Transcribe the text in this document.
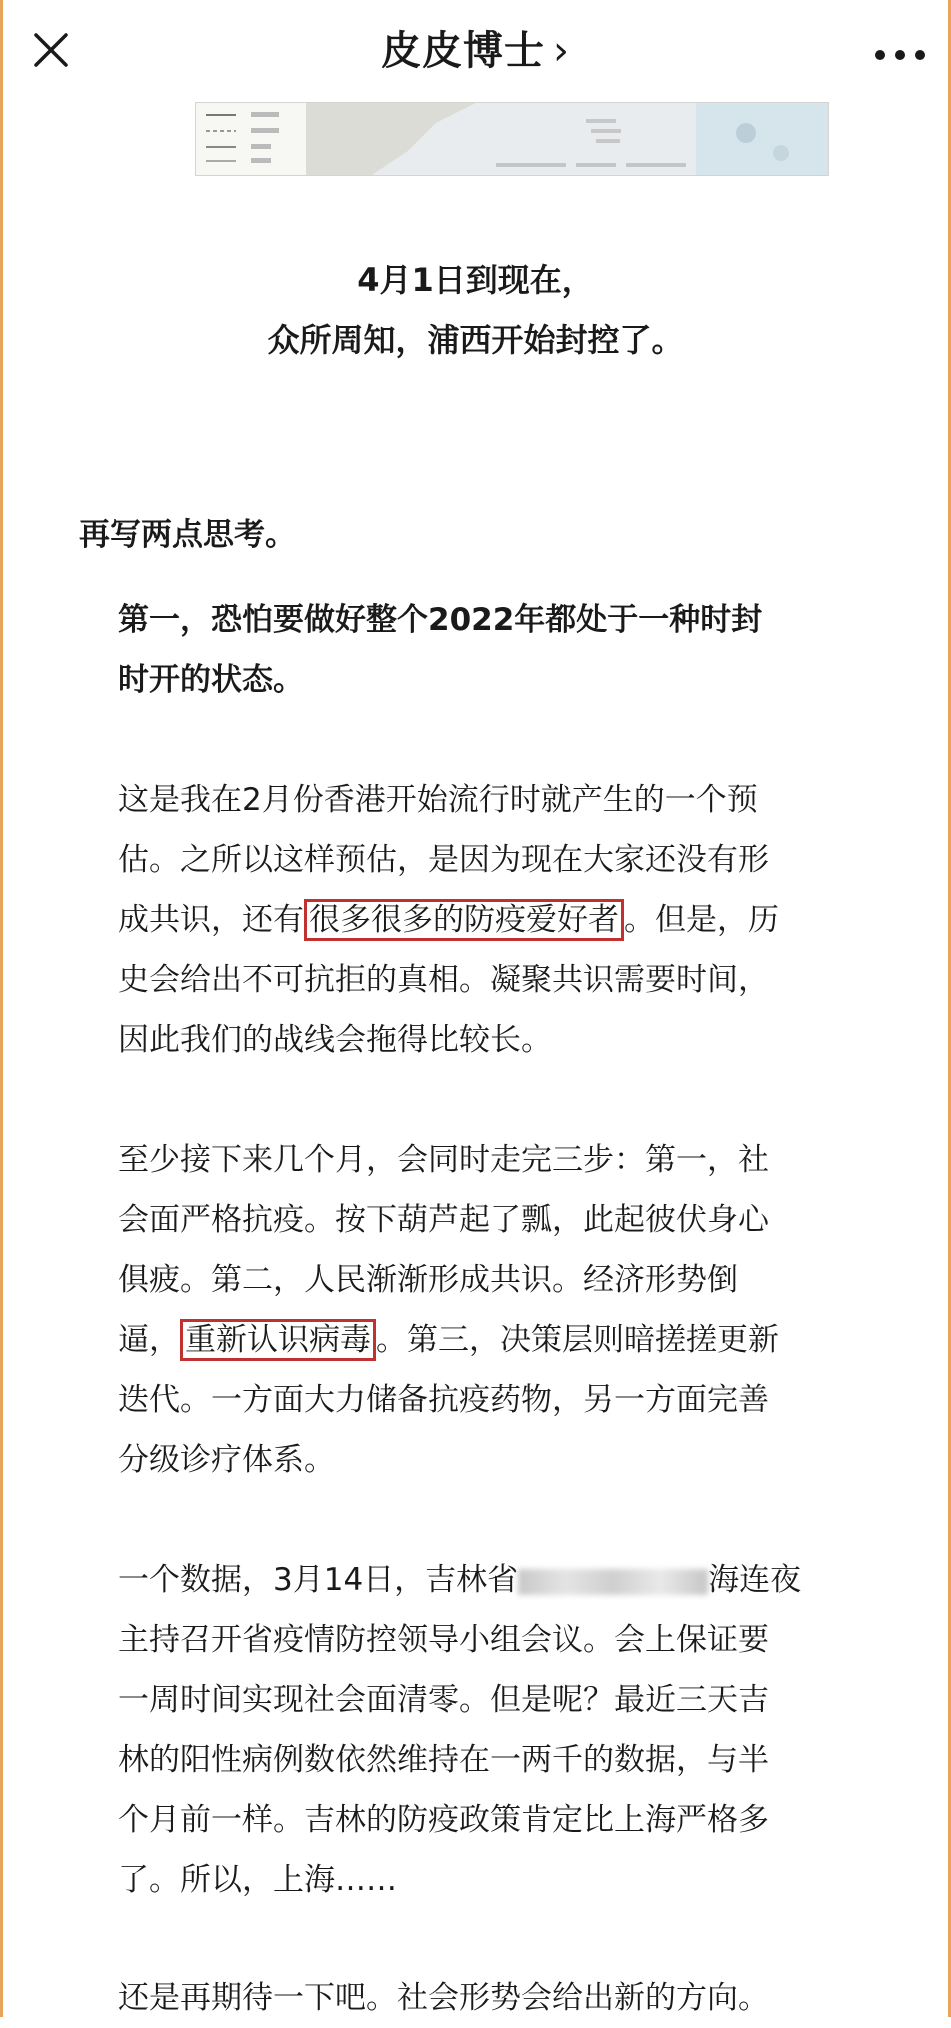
皮皮博士 ›
4月1日到现在，
众所周知，浦西开始封控了。
再写两点思考。
第一，恐怕要做好整个2022年都处于一种时封
时开的状态。
这是我在2月份香港开始流行时就产生的一个预
估。之所以这样预估，是因为现在大家还没有形
成共识，还有 很多很多的防疫爱好者 。但是，历
史会给出不可抗拒的真相。凝聚共识需要时间，
因此我们的战线会拖得比较长。
至少接下来几个月，会同时走完三步：第一，社
会面严格抗疫。按下葫芦起了瓢，此起彼伏身心
俱疲。第二，人民渐渐形成共识。经济形势倒
逼， 重新认识病毒 。第三，决策层则暗搓搓更新
迭代。一方面大力储备抗疫药物，另一方面完善
分级诊疗体系。
一个数据，3月14日，吉林省	海连夜
主持召开省疫情防控领导小组会议。会上保证要
一周时间实现社会面清零。但是呢？最近三天吉
林的阳性病例数依然维持在一两千的数据，与半
个月前一样。吉林的防疫政策肯定比上海严格多
了。所以，上海……
还是再期待一下吧。社会形势会给出新的方向。
